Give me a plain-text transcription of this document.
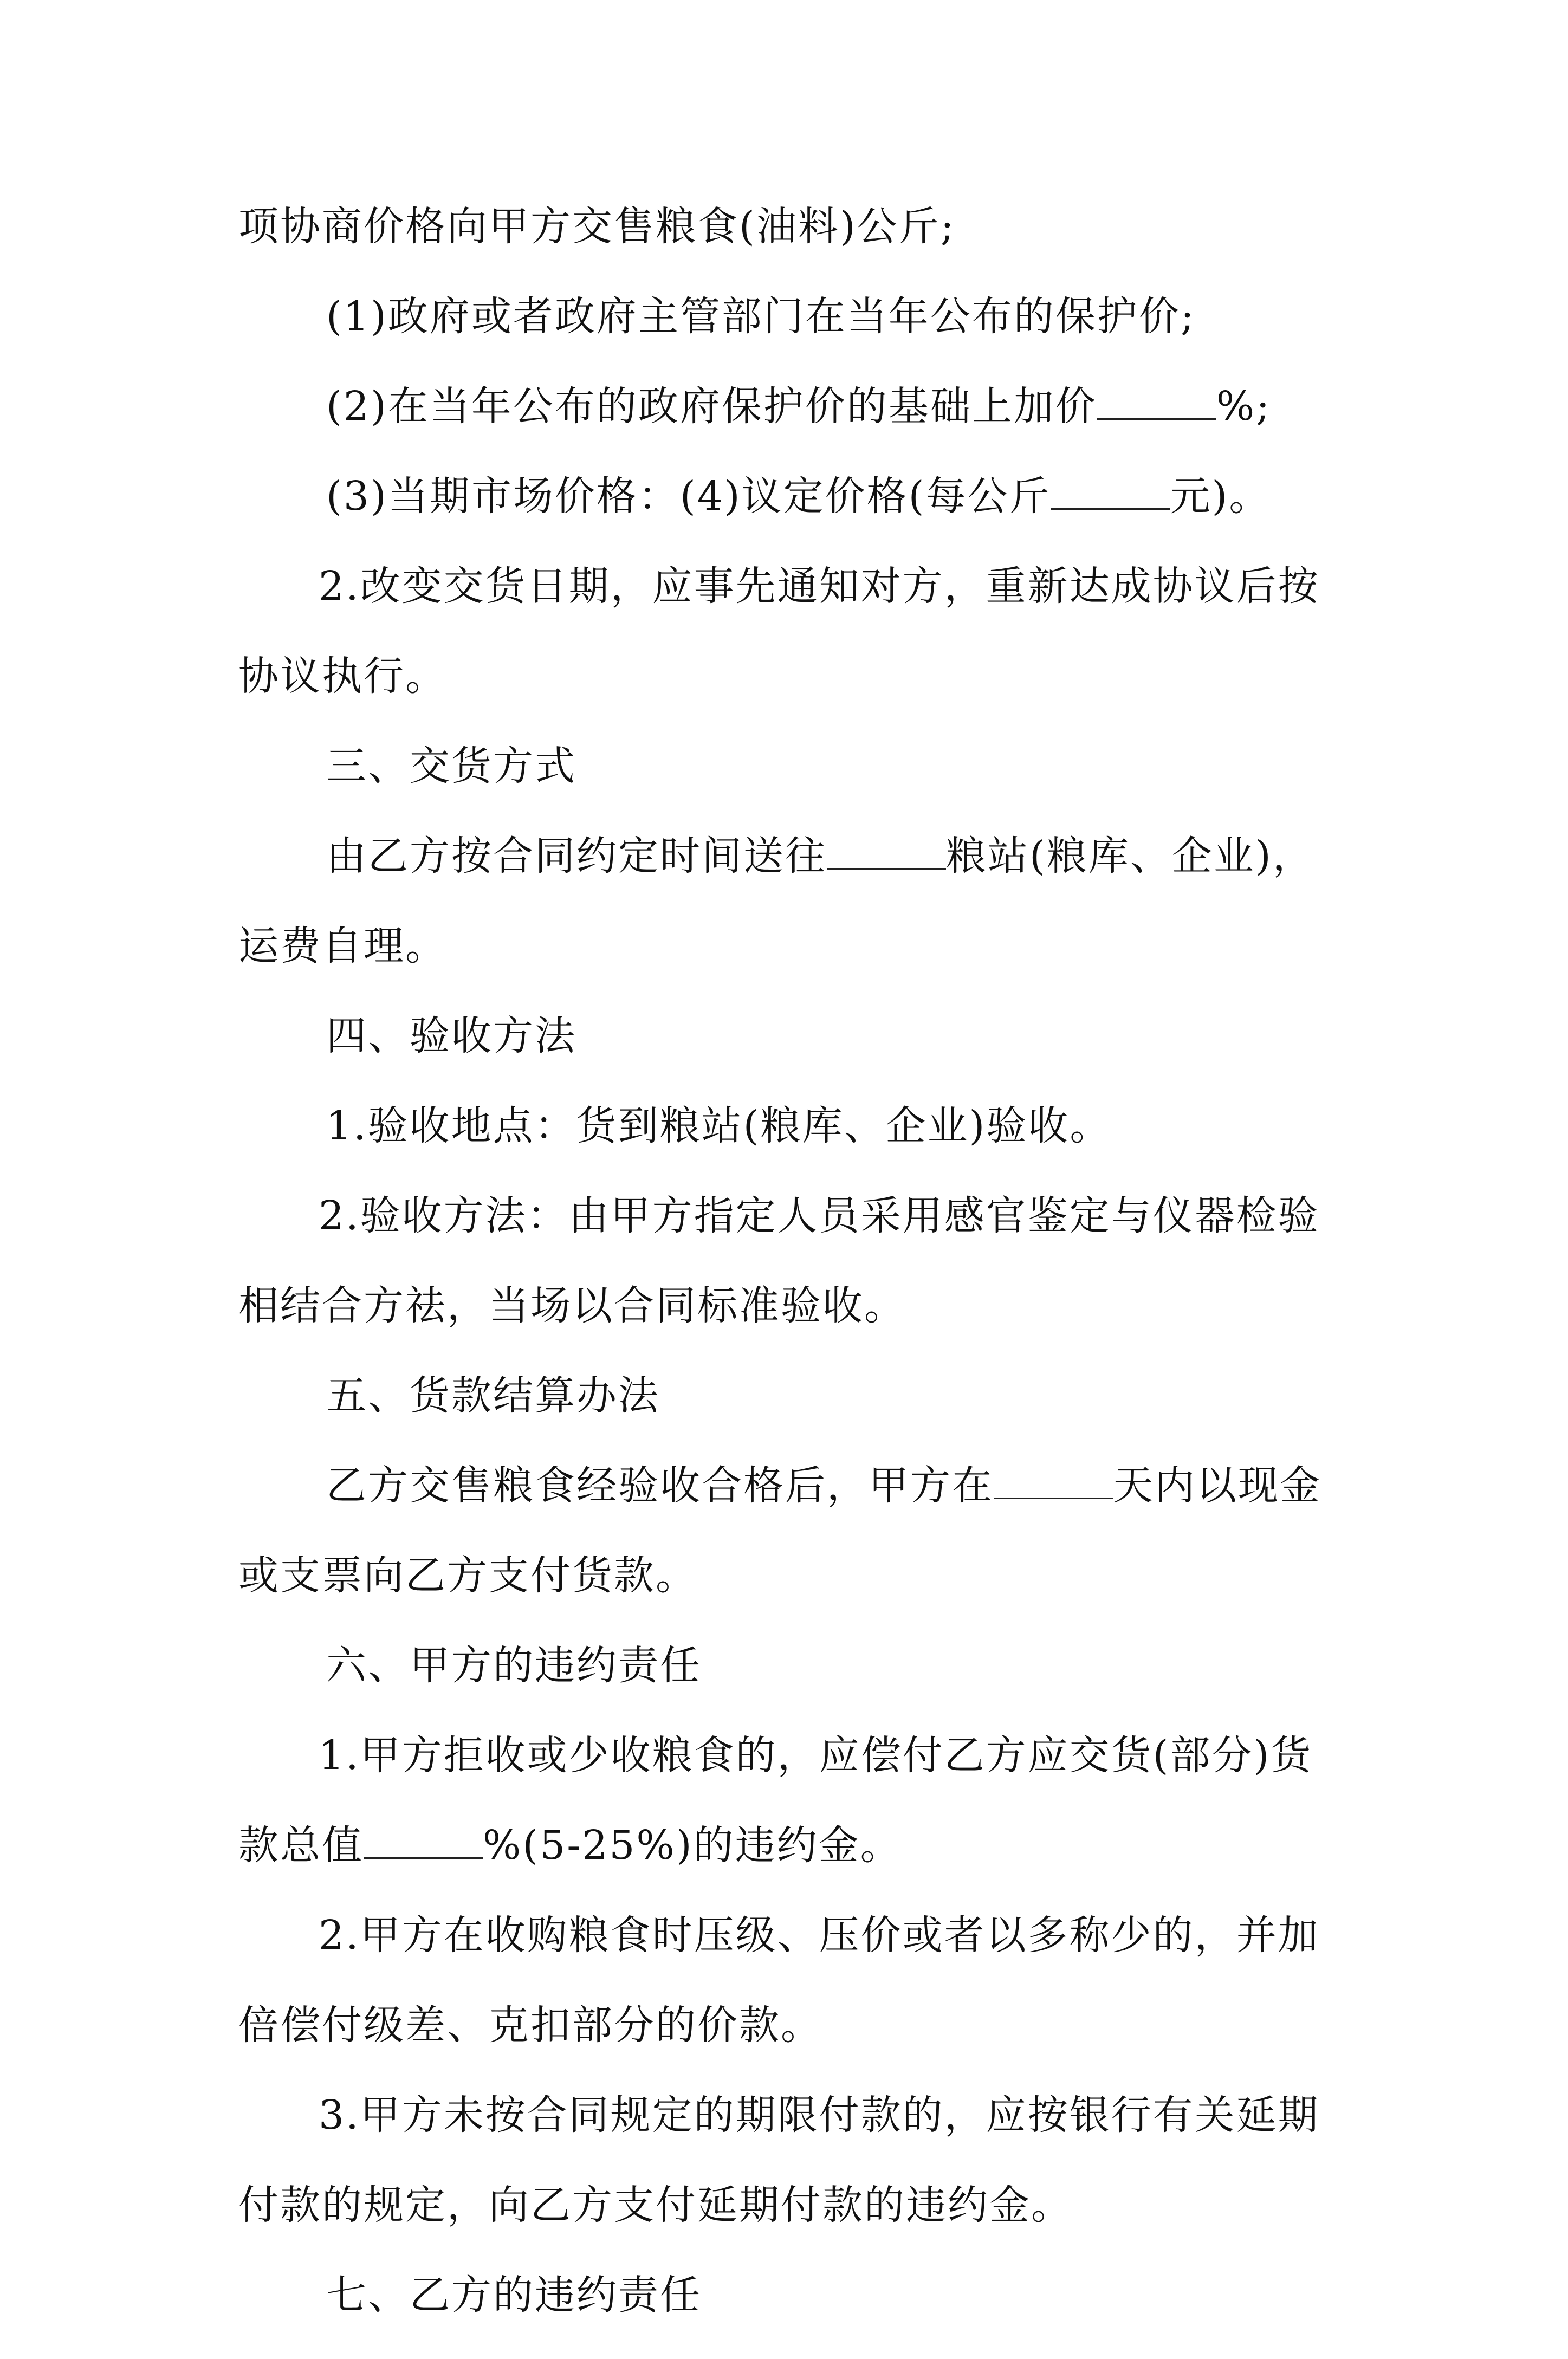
项协商价格向甲方交售粮食(油料)公斤;
(1)政府或者政府主管部门在当年公布的保护价;
(2)在当年公布的政府保护价的基础上加价	%;
(3)当期市场价格：(4)议定价格(每公斤	元)。
2.改变交货日期，应事先通知对方，重新达成协议后按
协议执行。
三、交货方式
由乙方按合同约定时间送往	粮站(粮库、企业)，
运费自理。
四、验收方法
1.验收地点：货到粮站(粮库、企业)验收。
2.验收方法：由甲方指定人员采用感官鉴定与仪器检验
相结合方祛，当场以合同标准验收。
五、货款结算办法
乙方交售粮食经验收合格后，甲方在	天内以现金
或支票向乙方支付货款。
六、甲方的违约责任
1.甲方拒收或少收粮食的，应偿付乙方应交货(部分)货
款总值	%(5-25%)的违约金。
2.甲方在收购粮食时压级、压价或者以多称少的，并加
倍偿付级差、克扣部分的价款。
3.甲方未按合同规定的期限付款的，应按银行有关延期
付款的规定，向乙方支付延期付款的违约金。
七、乙方的违约责任
